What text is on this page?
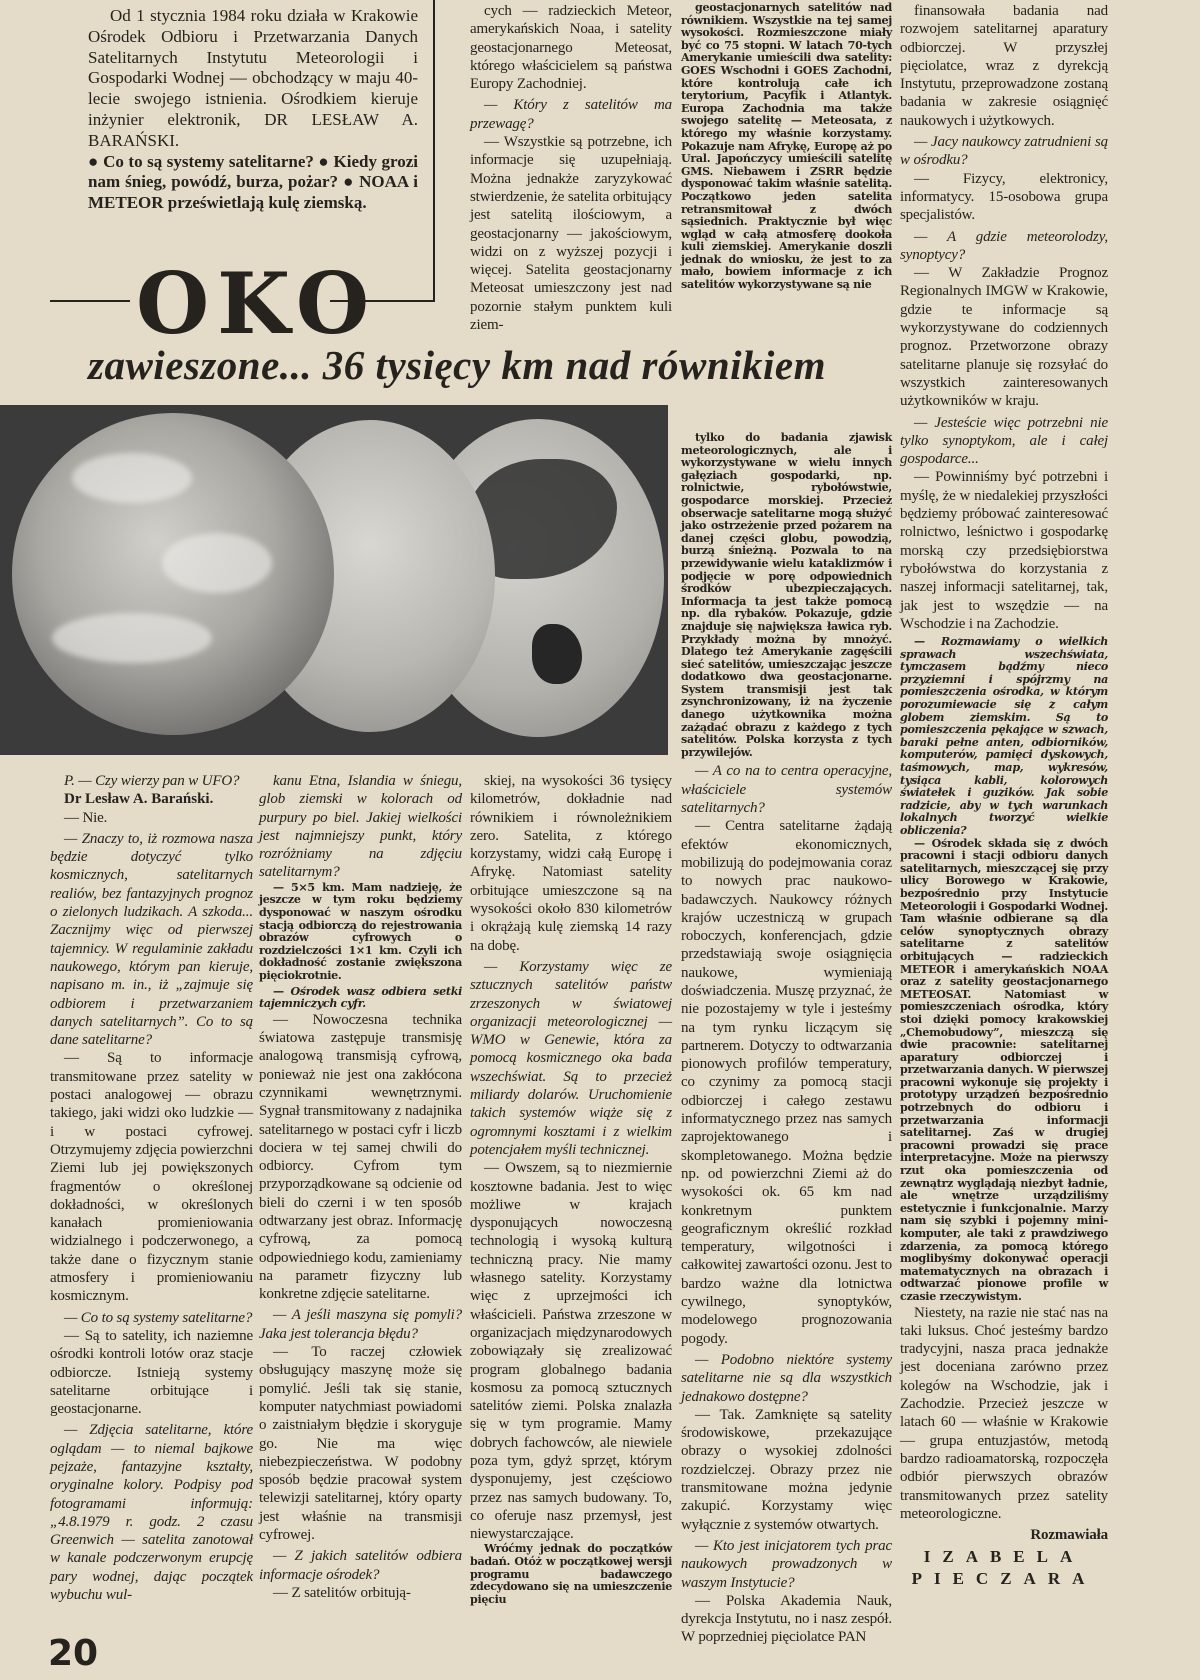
Od 1 stycznia 1984 roku działa w Krakowie Ośrodek Odbioru i Przetwarzania Danych Satelitarnych Instytutu Meteorologii i Gospodarki Wodnej — obchodzący w maju 40-lecie swojego istnienia. Ośrodkiem kieruje inżynier elektronik, DR LESŁAW A. BARAŃSKI.

● Co to są systemy satelitarne? ● Kiedy grozi nam śnieg, powódź, burza, pożar? ● NOAA i METEOR prześwietlają kulę ziemską.

OKO
zawieszone... 36 tysięcy km nad równikiem

cych — radzieckich Meteor, amerykańskich Noaa, i satelity geostacjonarnego Meteosat, którego właścicielem są państwa Europy Zachodniej.

— Który z satelitów ma przewagę?

— Wszystkie są potrzebne, ich informacje się uzupełniają. Można jednakże zaryzykować stwierdzenie, że satelita orbitujący jest satelitą ilościowym, a geostacjonarny — jakościowym, widzi on z wyższej pozycji i więcej. Satelita geostacjonarny Meteosat umieszczony jest nad pozornie stałym punktem kuli ziem-

geostacjonarnych satelitów nad równikiem. Wszystkie na tej samej wysokości. Rozmieszczone miały być co 75 stopni. W latach 70-tych Amerykanie umieścili dwa satelity: GOES Wschodni i GOES Zachodni, które kontrolują całe ich terytorium, Pacyfik i Atlantyk. Europa Zachodnia ma także swojego satelitę — Meteosata, z którego my właśnie korzystamy. Pokazuje nam Afrykę, Europę aż po Ural. Japończycy umieścili satelitę GMS. Niebawem i ZSRR będzie dysponować takim właśnie satelitą. Początkowo jeden satelita retransmitował z dwóch sąsiednich. Praktycznie był więc wgląd w całą atmosferę dookoła kuli ziemskiej. Amerykanie doszli jednak do wniosku, że jest to za mało, bowiem informacje z ich satelitów wykorzystywane są nie

finansowała badania nad rozwojem satelitarnej aparatury odbiorczej. W przyszłej pięciolatce, wraz z dyrekcją Instytutu, przeprowadzone zostaną badania w zakresie osiągnięć naukowych i użytkowych.

— Jacy naukowcy zatrudnieni są w ośrodku?

— Fizycy, elektronicy, informatycy. 15-osobowa grupa specjalistów.

— A gdzie meteorolodzy, synoptycy?

— W Zakładzie Prognoz Regionalnych IMGW w Krakowie, gdzie te informacje są wykorzystywane do codziennych prognoz. Przetworzone obrazy satelitarne planuje się rozsyłać do wszystkich zainteresowanych użytkowników w kraju.

— Jesteście więc potrzebni nie tylko synoptykom, ale i całej gospodarce...

— Powinniśmy być potrzebni i myślę, że w niedalekiej przyszłości będziemy próbować zainteresować rolnictwo, leśnictwo i gospodarkę morską czy przedsiębiorstwa rybołówstwa do korzystania z naszej informacji satelitarnej, tak, jak jest to wszędzie — na Wschodzie i na Zachodzie.

— Rozmawiamy o wielkich sprawach wszechświata, tymczasem bądźmy nieco przyziemni i spójrzmy na pomieszczenia ośrodka, w którym porozumiewacie się z całym globem ziemskim. Są to pomieszczenia pękające w szwach, baraki pełne anten, odbiorników, komputerów, pamięci dyskowych, taśmowych, map, wykresów, tysiąca kabli, kolorowych światełek i guzików. Jak sobie radzicie, aby w tych warunkach lokalnych tworzyć wielkie obliczenia?

— Ośrodek składa się z dwóch pracowni i stacji odbioru danych satelitarnych, mieszczącej się przy ulicy Borowego w Krakowie, bezpośrednio przy Instytucie Meteorologii i Gospodarki Wodnej. Tam właśnie odbierane są dla celów synoptycznych obrazy satelitarne z satelitów orbitujących — radzieckich METEOR i amerykańskich NOAA oraz z satelity geostacjonarnego METEOSAT. Natomiast w pomieszczeniach ośrodka, który stoi dzięki pomocy krakowskiej „Chemobudowy”, mieszczą się dwie pracownie: satelitarnej aparatury odbiorczej i przetwarzania danych. W pierwszej pracowni wykonuje się projekty i prototypy urządzeń bezpośrednio potrzebnych do odbioru i przetwarzania informacji satelitarnej. Zaś w drugiej pracowni prowadzi się prace interpretacyjne. Może na pierwszy rzut oka pomieszczenia od zewnątrz wyglądają niezbyt ładnie, ale wnętrze urządziliśmy estetycznie i funkcjonalnie. Marzy nam się szybki i pojemny mini-komputer, ale taki z prawdziwego zdarzenia, za pomocą którego moglibyśmy dokonywać operacji matematycznych na obrazach i odtwarzać pionowe profile w czasie rzeczywistym.

Niestety, na razie nie stać nas na taki luksus. Choć jesteśmy bardzo tradycyjni, nasza praca jednakże jest doceniana zarówno przez kolegów na Wschodzie, jak i Zachodzie. Przecież jeszcze w latach 60 — właśnie w Krakowie — grupa entuzjastów, metodą bardzo radioamatorską, rozpoczęła odbiór pierwszych obrazów transmitowanych przez satelity meteorologiczne.

Rozmawiała

IZABELA PIECZARA

tylko do badania zjawisk meteorologicznych, ale i wykorzystywane w wielu innych gałęziach gospodarki, np. rolnictwie, rybołówstwie, gospodarce morskiej. Przecież obserwacje satelitarne mogą służyć jako ostrzeżenie przed pożarem na danej części globu, powodzią, burzą śnieżną. Pozwala to na przewidywanie wielu kataklizmów i podjęcie w porę odpowiednich środków ubezpieczających. Informacja ta jest także pomocą np. dla rybaków. Pokazuje, gdzie znajduje się największa ławica ryb. Przykłady można by mnożyć. Dlatego też Amerykanie zagęścili sieć satelitów, umieszczając jeszcze dodatkowo dwa geostacjonarne. System transmisji jest tak zsynchronizowany, iż na życzenie danego użytkownika można zażądać obrazu z każdego z tych satelitów. Polska korzysta z tych przywilejów.

— A co na to centra operacyjne, właściciele systemów satelitarnych?

— Centra satelitarne żądają efektów ekonomicznych, mobilizują do podejmowania coraz to nowych prac naukowo-badawczych. Naukowcy różnych krajów uczestniczą w grupach roboczych, konferencjach, gdzie przedstawiają swoje osiągnięcia naukowe, wymieniają doświadczenia. Muszę przyznać, że nie pozostajemy w tyle i jesteśmy na tym rynku liczącym się partnerem. Dotyczy to odtwarzania pionowych profilów temperatury, co czynimy za pomocą stacji odbiorczej i całego zestawu informatycznego przez nas samych zaprojektowanego i skompletowanego. Można będzie np. od powierzchni Ziemi aż do wysokości ok. 65 km nad konkretnym punktem geograficznym określić rozkład temperatury, wilgotności i całkowitej zawartości ozonu. Jest to bardzo ważne dla lotnictwa cywilnego, synoptyków, modelowego prognozowania pogody.

— Podobno niektóre systemy satelitarne nie są dla wszystkich jednakowo dostępne?

— Tak. Zamknięte są satelity środowiskowe, przekazujące obrazy o wysokiej zdolności rozdzielczej. Obrazy przez nie transmitowane można jedynie zakupić. Korzystamy więc wyłącznie z systemów otwartych.

— Kto jest inicjatorem tych prac naukowych prowadzonych w waszym Instytucie?

— Polska Akademia Nauk, dyrekcja Instytutu, no i nasz zespół. W poprzedniej pięciolatce PAN

P. — Czy wierzy pan w UFO?

Dr Lesław A. Barański.

— Nie.

— Znaczy to, iż rozmowa nasza będzie dotyczyć tylko kosmicznych, satelitarnych realiów, bez fantazyjnych prognoz o zielonych ludzikach. A szkoda... Zacznijmy więc od pierwszej tajemnicy. W regulaminie zakładu naukowego, którym pan kieruje, napisano m. in., iż „zajmuje się odbiorem i przetwarzaniem danych satelitarnych”. Co to są dane satelitarne?

— Są to informacje transmitowane przez satelity w postaci analogowej — obrazu takiego, jaki widzi oko ludzkie — i w postaci cyfrowej. Otrzymujemy zdjęcia powierzchni Ziemi lub jej powiększonych fragmentów o określonej dokładności, w określonych kanałach promieniowania widzialnego i podczerwonego, a także dane o fizycznym stanie atmosfery i promieniowaniu kosmicznym.

— Co to są systemy satelitarne?

— Są to satelity, ich naziemne ośrodki kontroli lotów oraz stacje odbiorcze. Istnieją systemy satelitarne orbitujące i geostacjonarne.

— Zdjęcia satelitarne, które oglądam — to niemal bajkowe pejzaże, fantazyjne kształty, oryginalne kolory. Podpisy pod fotogramami informują: „4.8.1979 r. godz. 2 czasu Greenwich — satelita zanotował w kanale podczerwonym erupcję pary wodnej, dając początek wybuchu wul-

kanu Etna, Islandia w śniegu, glob ziemski w kolorach od purpury po biel. Jakiej wielkości jest najmniejszy punkt, który rozróżniamy na zdjęciu satelitarnym?

— 5×5 km. Mam nadzieję, że jeszcze w tym roku będziemy dysponować w naszym ośrodku stacją odbiorczą do rejestrowania obrazów cyfrowych o rozdzielczości 1×1 km. Czyli ich dokładność zostanie zwiększona pięciokrotnie.

— Ośrodek wasz odbiera setki tajemniczych cyfr.

— Nowoczesna technika światowa zastępuje transmisję analogową transmisją cyfrową, ponieważ nie jest ona zakłócona czynnikami wewnętrznymi. Sygnał transmitowany z nadajnika satelitarnego w postaci cyfr i liczb dociera w tej samej chwili do odbiorcy. Cyfrom tym przyporządkowane są odcienie od bieli do czerni i w ten sposób odtwarzany jest obraz. Informację cyfrową, za pomocą odpowiedniego kodu, zamieniamy na parametr fizyczny lub konkretne zdjęcie satelitarne.

— A jeśli maszyna się pomyli? Jaka jest tolerancja błędu?

— To raczej człowiek obsługujący maszynę może się pomylić. Jeśli tak się stanie, komputer natychmiast powiadomi o zaistniałym błędzie i skoryguje go. Nie ma więc niebezpieczeństwa. W podobny sposób będzie pracował system telewizji satelitarnej, który oparty jest właśnie na transmisji cyfrowej.

— Z jakich satelitów odbiera informacje ośrodek?

— Z satelitów orbitują-

skiej, na wysokości 36 tysięcy kilometrów, dokładnie nad równikiem i równoleżnikiem zero. Satelita, z którego korzystamy, widzi całą Europę i Afrykę. Natomiast satelity orbitujące umieszczone są na wysokości około 830 kilometrów i okrążają kulę ziemską 14 razy na dobę.

— Korzystamy więc ze sztucznych satelitów państw zrzeszonych w światowej organizacji meteorologicznej — WMO w Genewie, która za pomocą kosmicznego oka bada wszechświat. Są to przecież miliardy dolarów. Uruchomienie takich systemów wiąże się z ogromnymi kosztami i z wielkim potencjałem myśli technicznej.

— Owszem, są to niezmiernie kosztowne badania. Jest to więc możliwe w krajach dysponujących nowoczesną technologią i wysoką kulturą techniczną pracy. Nie mamy własnego satelity. Korzystamy więc z uprzejmości ich właścicieli. Państwa zrzeszone w organizacjach międzynarodowych zobowiązały się zrealizować program globalnego badania kosmosu za pomocą sztucznych satelitów ziemi. Polska znalazła się w tym programie. Mamy dobrych fachowców, ale niewiele poza tym, gdyż sprzęt, którym dysponujemy, jest częściowo przez nas samych budowany. To, co oferuje nasz przemysł, jest niewystarczające.

Wróćmy jednak do początków badań. Otóż w początkowej wersji programu badawczego zdecydowano się na umieszczenie pięciu

20
